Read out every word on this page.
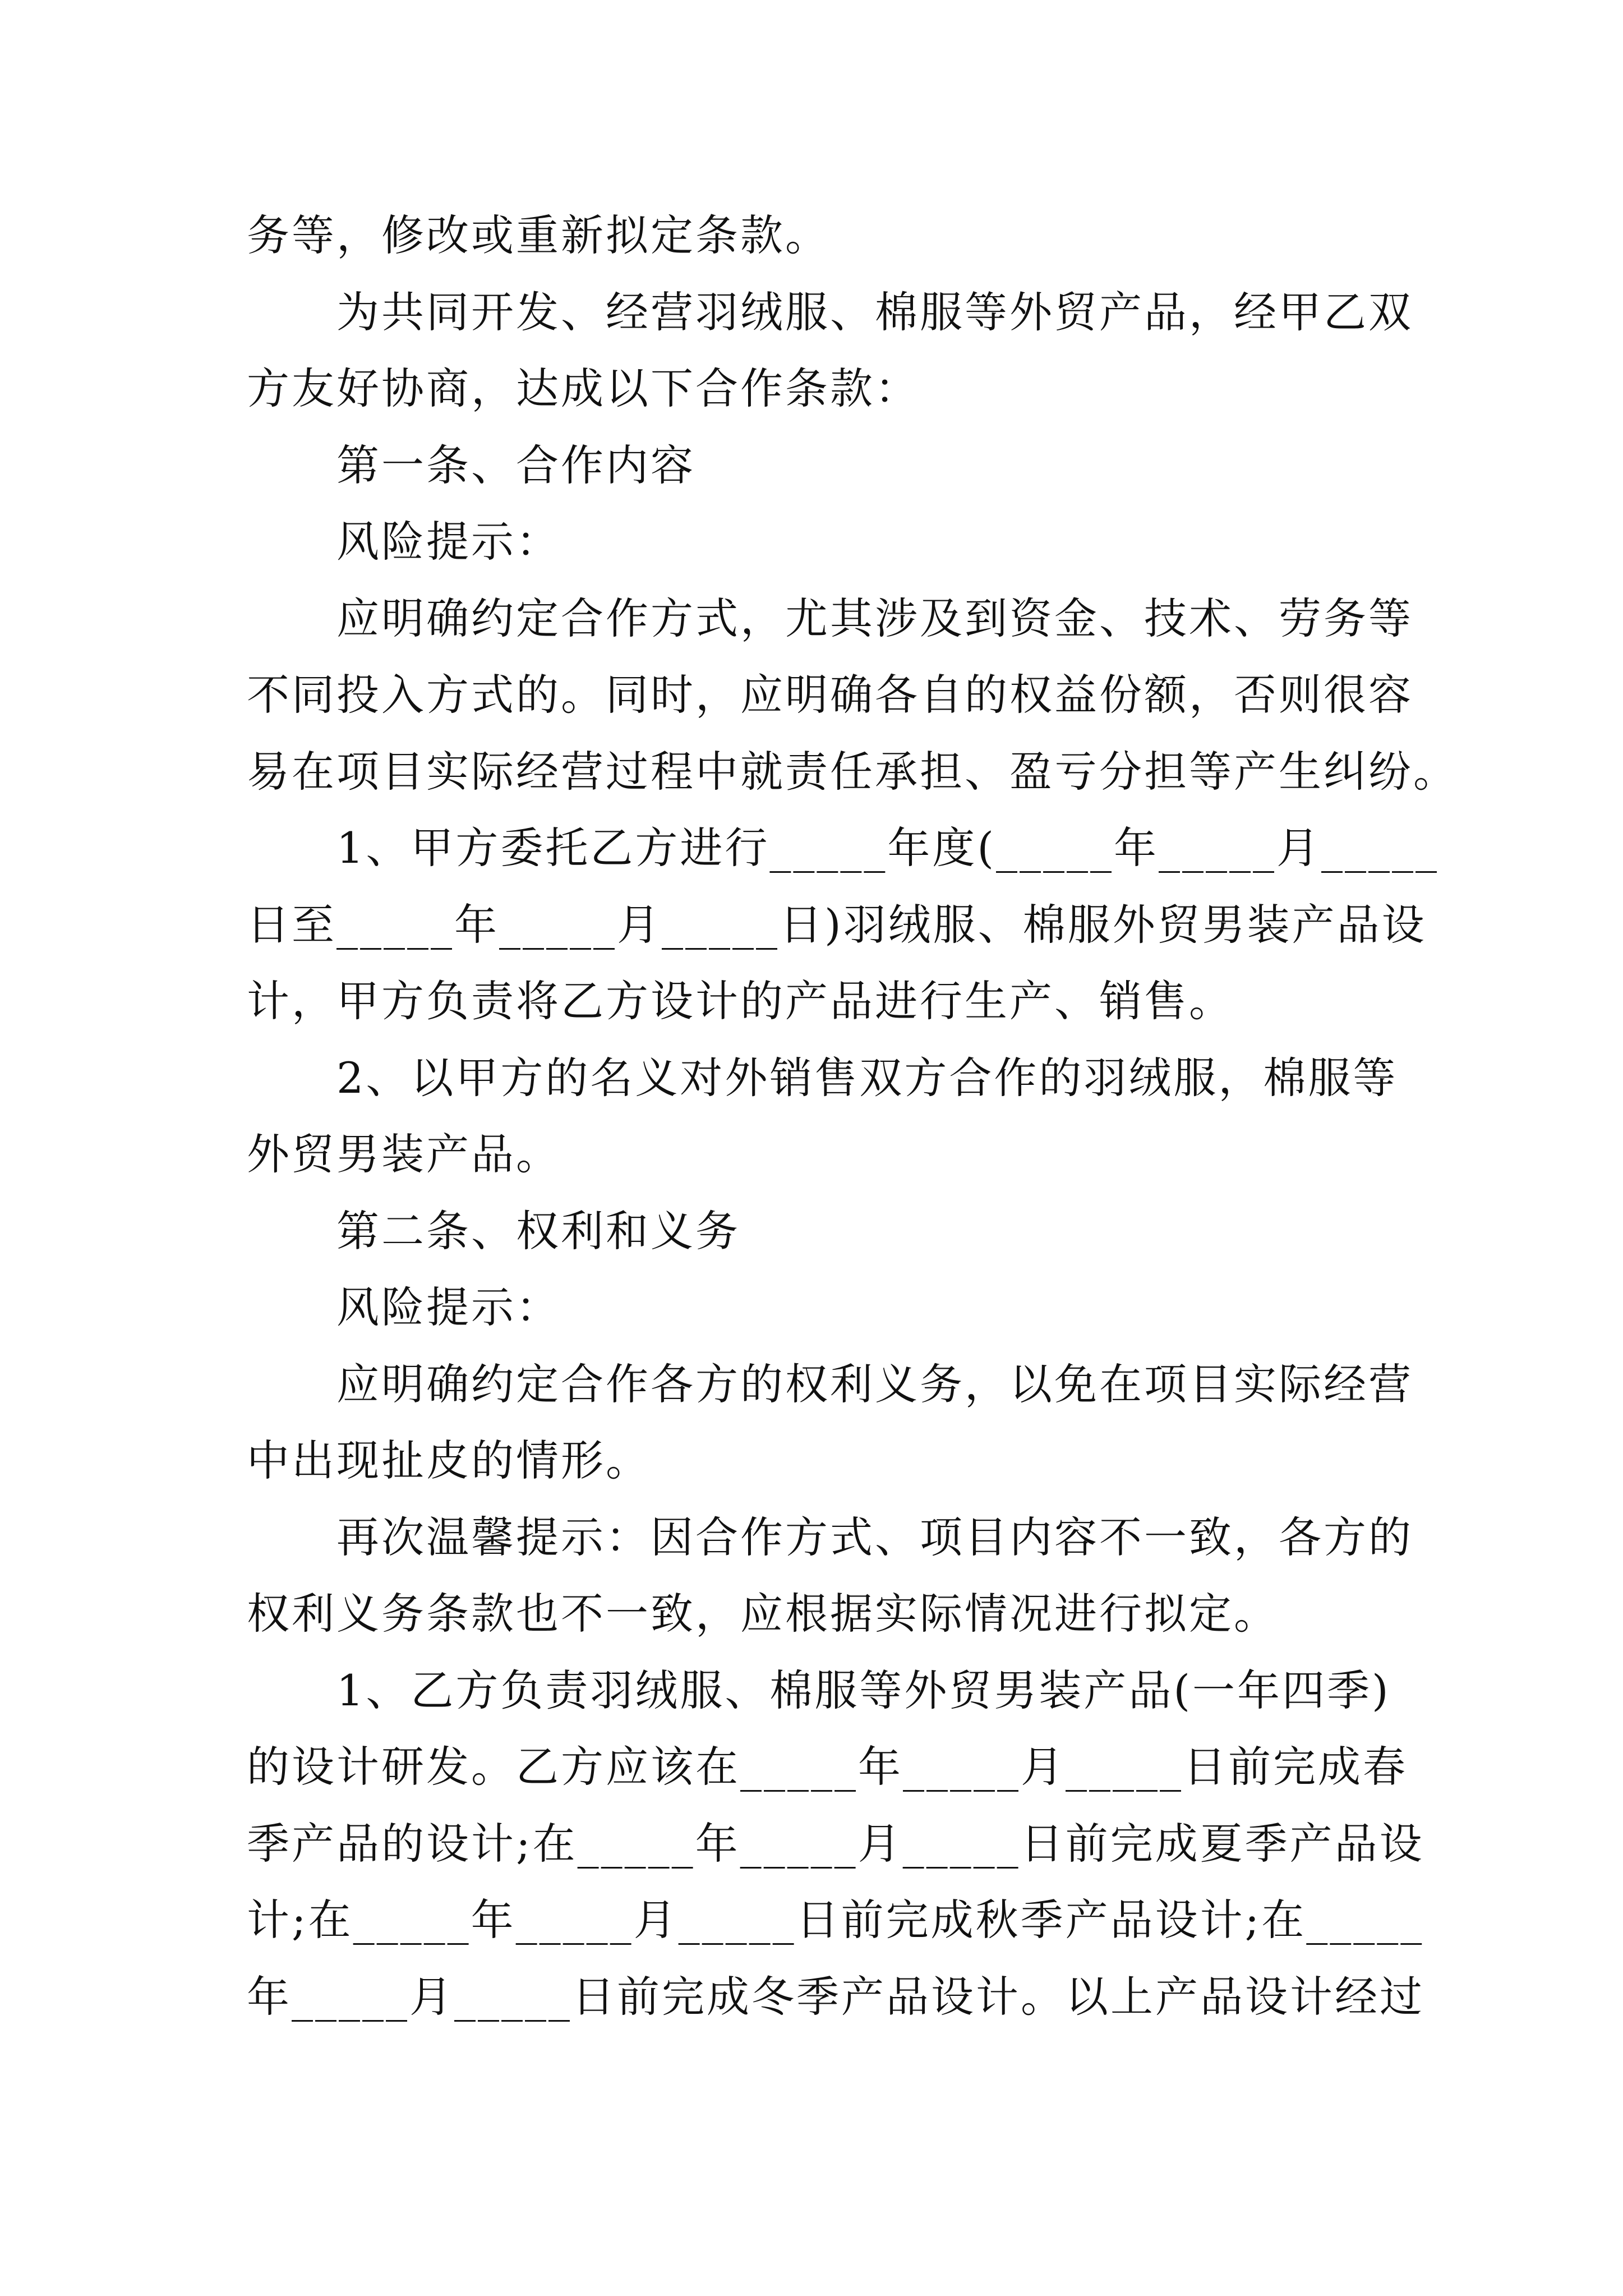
务等，修改或重新拟定条款。
为共同开发、经营羽绒服、棉服等外贸产品，经甲乙双
方友好协商，达成以下合作条款：
第一条、合作内容
风险提示：
应明确约定合作方式，尤其涉及到资金、技术、劳务等
不同投入方式的。同时，应明确各自的权益份额，否则很容
易在项目实际经营过程中就责任承担、盈亏分担等产生纠纷。
1、甲方委托乙方进行_____年度(_____年_____月_____
日至_____年_____月_____日)羽绒服、棉服外贸男装产品设
计，甲方负责将乙方设计的产品进行生产、销售。
2、以甲方的名义对外销售双方合作的羽绒服，棉服等
外贸男装产品。
第二条、权利和义务
风险提示：
应明确约定合作各方的权利义务，以免在项目实际经营
中出现扯皮的情形。
再次温馨提示：因合作方式、项目内容不一致，各方的
权利义务条款也不一致，应根据实际情况进行拟定。
1、乙方负责羽绒服、棉服等外贸男装产品(一年四季)
的设计研发。乙方应该在_____年_____月_____日前完成春
季产品的设计;在_____年_____月_____日前完成夏季产品设
计;在_____年_____月_____日前完成秋季产品设计;在_____
年_____月_____日前完成冬季产品设计。以上产品设计经过
